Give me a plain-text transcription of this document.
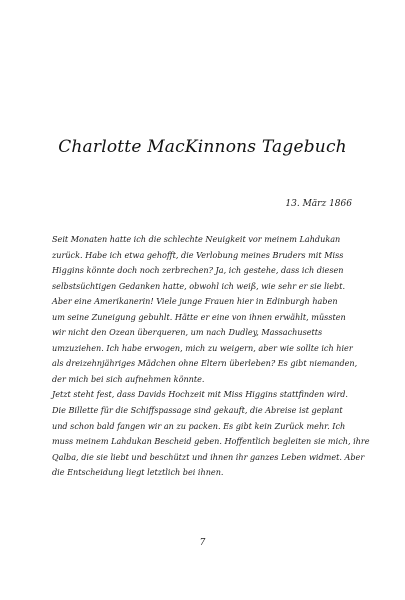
Charlotte MacKinnons Tagebuch
13. März 1866
Seit Monaten hatte ich die schlechte Neuigkeit vor meinem Lahdukan
zurück. Habe ich etwa gehofft, die Verlobung meines Bruders mit Miss
Higgins könnte doch noch zerbrechen? Ja, ich gestehe, dass ich diesen
selbstsüchtigen Gedanken hatte, obwohl ich weiß, wie sehr er sie liebt.
Aber eine Amerikanerin! Viele junge Frauen hier in Edinburgh haben
um seine Zuneigung gebuhlt. Hätte er eine von ihnen erwählt, müssten
wir nicht den Ozean überqueren, um nach Dudley, Massachusetts
umzuziehen. Ich habe erwogen, mich zu weigern, aber wie sollte ich hier
als dreizehnjähriges Mädchen ohne Eltern überleben? Es gibt niemanden,
der mich bei sich aufnehmen könnte.
Jetzt steht fest, dass Davids Hochzeit mit Miss Higgins stattfinden wird.
Die Billette für die Schiffspassage sind gekauft, die Abreise ist geplant
und schon bald fangen wir an zu packen. Es gibt kein Zurück mehr. Ich
muss meinem Lahdukan Bescheid geben. Hoffentlich begleiten sie mich, ihre
Qalba, die sie liebt und beschützt und ihnen ihr ganzes Leben widmet. Aber
die Entscheidung liegt letztlich bei ihnen.
7
